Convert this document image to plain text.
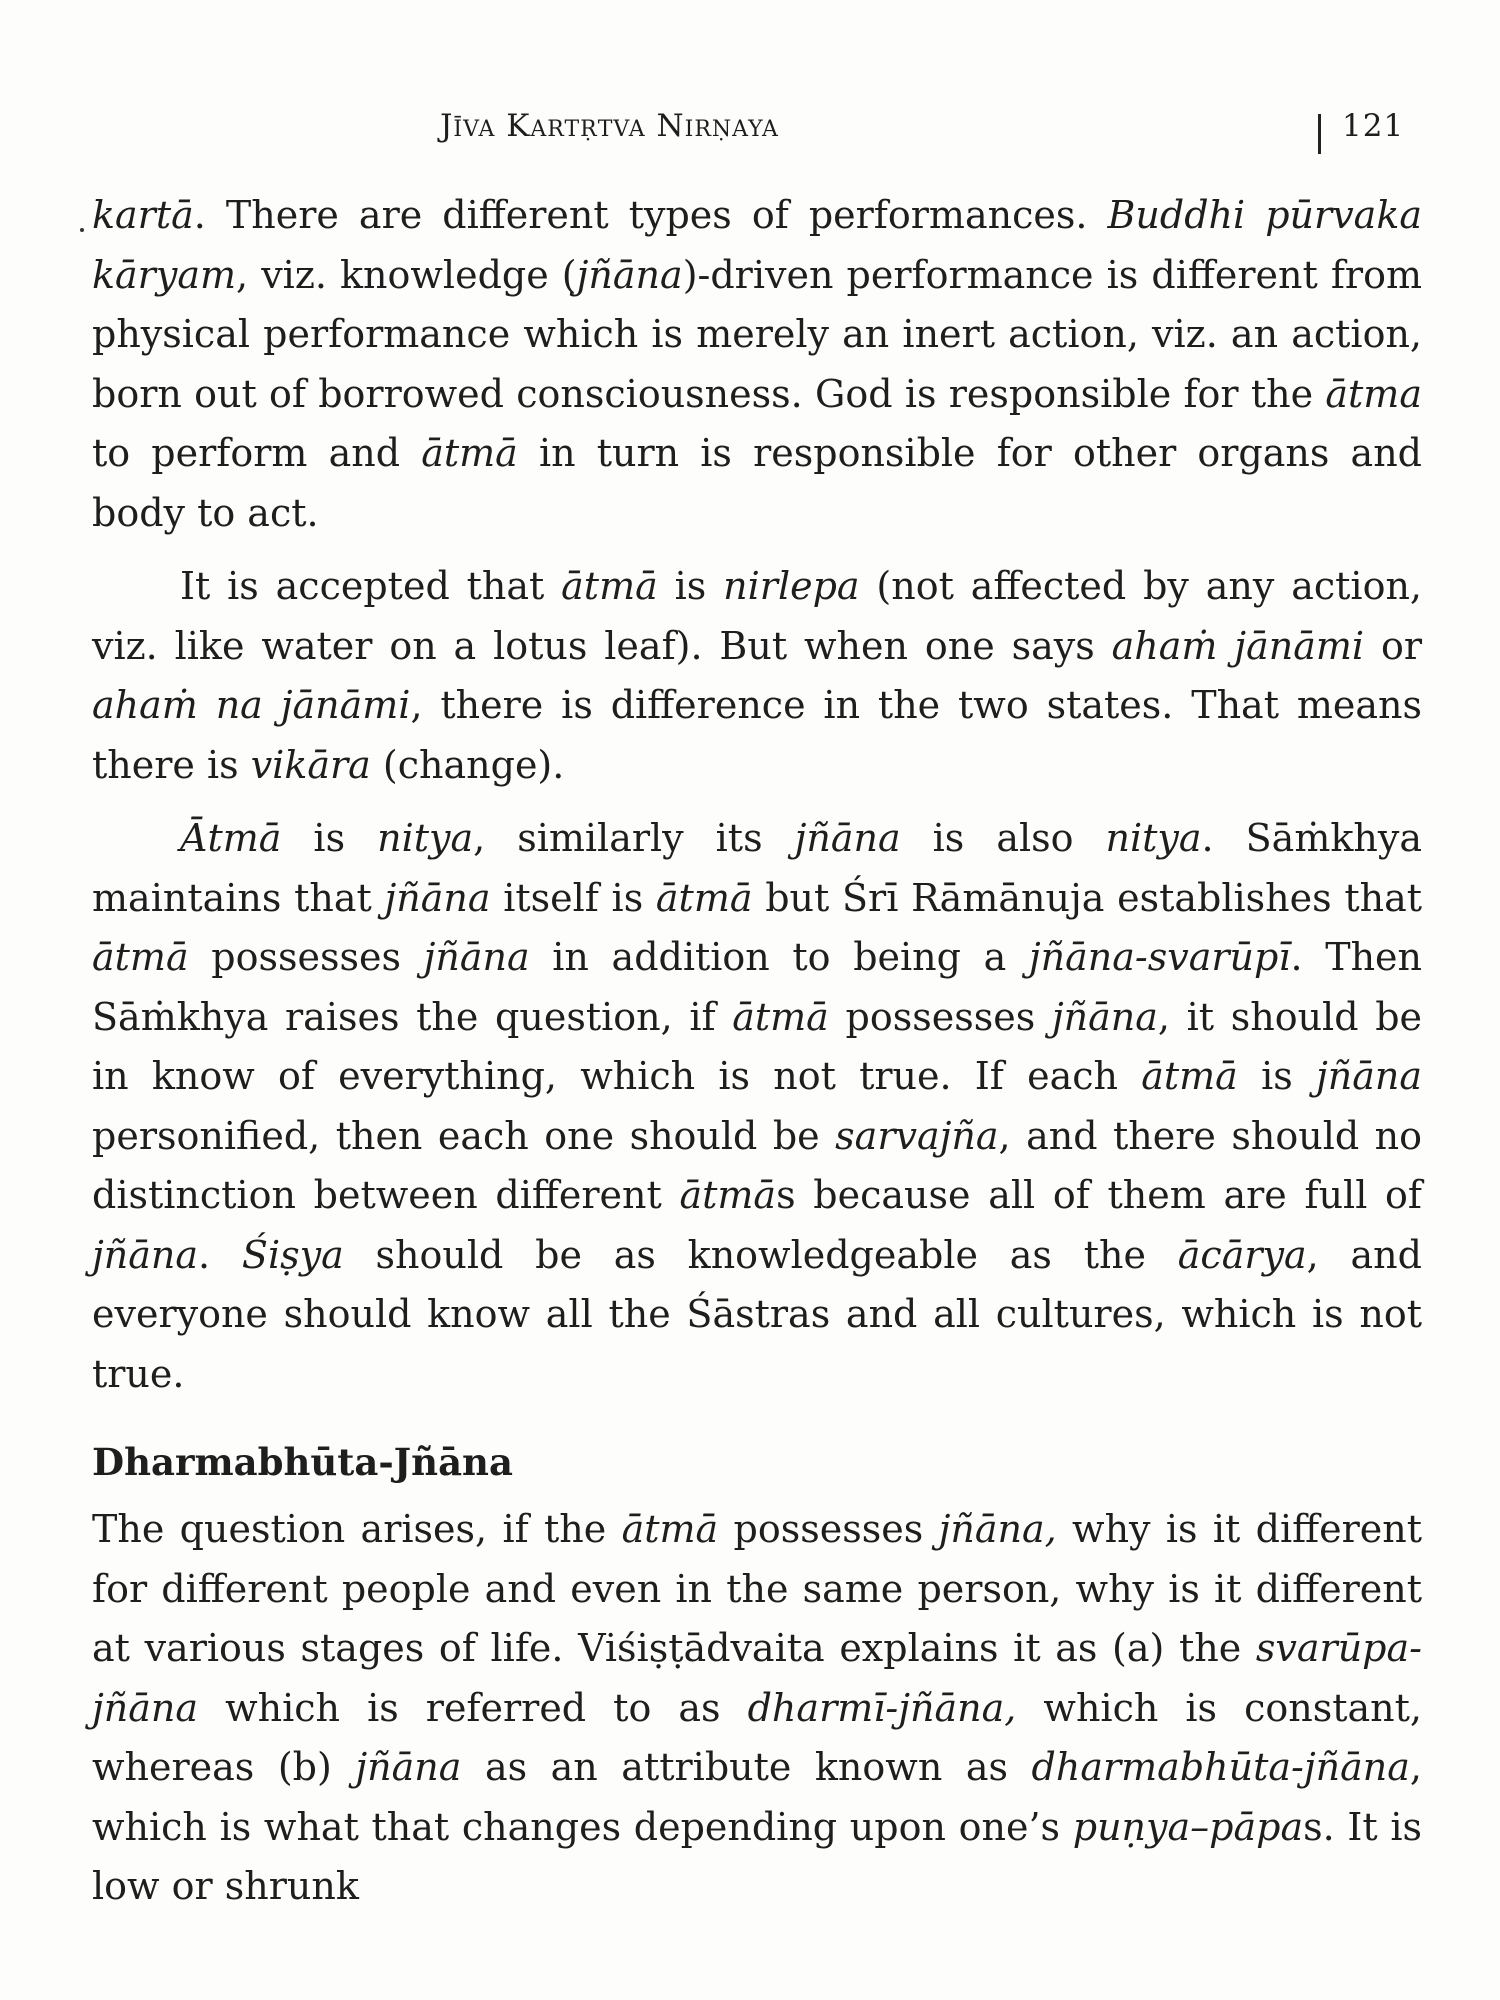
Jīva Kartṛtva Nirṇaya	121

kartā. There are different types of performances. Buddhi pūrvaka kāryam, viz. knowledge (jñāna)-driven performance is different from physical performance which is merely an inert action, viz. an action, born out of borrowed consciousness. God is responsible for the ātma to perform and ātmā in turn is responsible for other organs and body to act.

It is accepted that ātmā is nirlepa (not affected by any action, viz. like water on a lotus leaf). But when one says ahaṁ jānāmi or ahaṁ na jānāmi, there is difference in the two states. That means there is vikāra (change).

Ātmā is nitya, similarly its jñāna is also nitya. Sāṁkhya maintains that jñāna itself is ātmā but Śrī Rāmānuja establishes that ātmā possesses jñāna in addition to being a jñāna-svarūpī. Then Sāṁkhya raises the question, if ātmā possesses jñāna, it should be in know of everything, which is not true. If each ātmā is jñāna personified, then each one should be sarvajña, and there should no distinction between different ātmās because all of them are full of jñāna. Śiṣya should be as knowledgeable as the ācārya, and everyone should know all the Śāstras and all cultures, which is not true.

Dharmabhūta-Jñāna

The question arises, if the ātmā possesses jñāna, why is it different for different people and even in the same person, why is it different at various stages of life. Viśiṣṭādvaita explains it as (a) the svarūpa-jñāna which is referred to as dharmī-jñāna, which is constant, whereas (b) jñāna as an attribute known as dharmabhūta-jñāna, which is what that changes depending upon one’s puṇya–pāpas. It is low or shrunk
